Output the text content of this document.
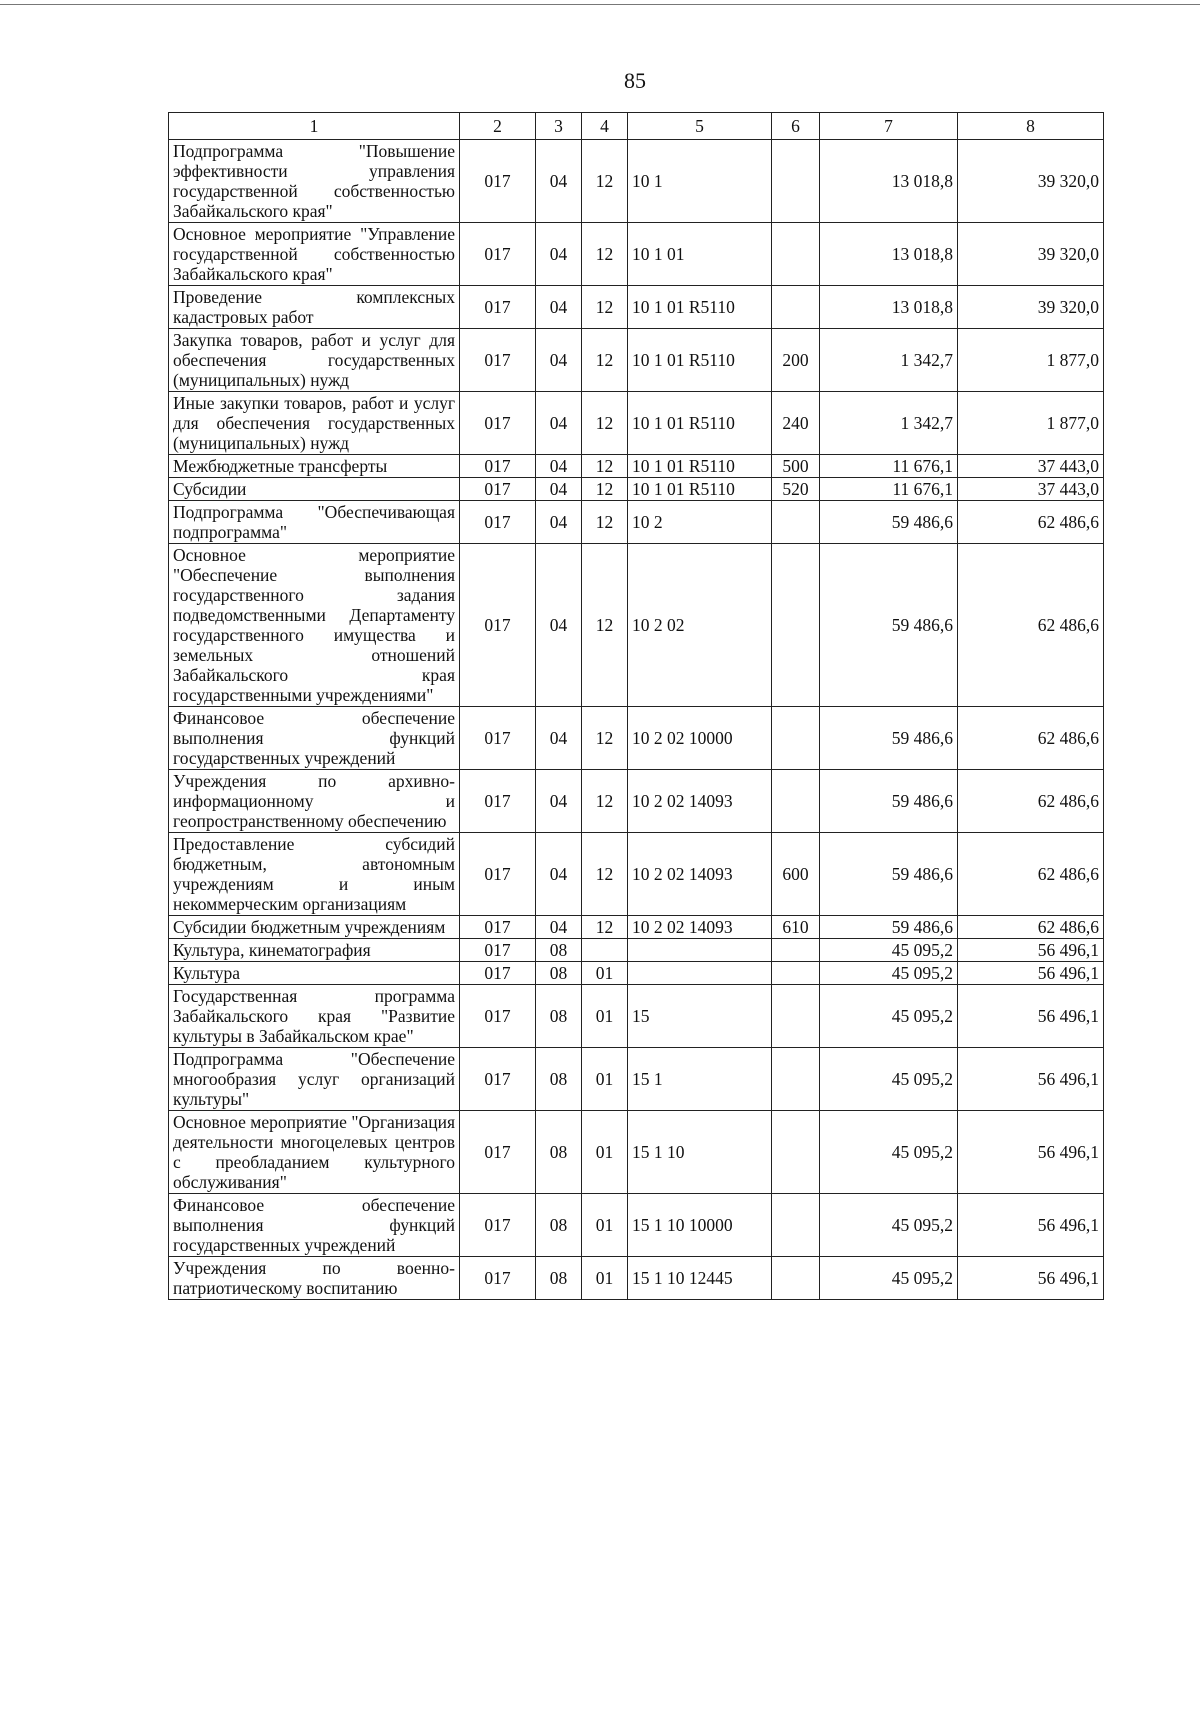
85
1	2	3	4	5	6	7	8
Подпрограмма "Повышение эффективности управления государственной собственностью Забайкальского края"	017	04	12	10 1		13 018,8	39 320,0
Основное мероприятие "Управление государственной собственностью Забайкальского края"	017	04	12	10 1 01		13 018,8	39 320,0
Проведение комплексных кадастровых работ	017	04	12	10 1 01 R5110		13 018,8	39 320,0
Закупка товаров, работ и услуг для обеспечения государственных (муниципальных) нужд	017	04	12	10 1 01 R5110	200	1 342,7	1 877,0
Иные закупки товаров, работ и услуг для обеспечения государственных (муниципальных) нужд	017	04	12	10 1 01 R5110	240	1 342,7	1 877,0
Межбюджетные трансферты	017	04	12	10 1 01 R5110	500	11 676,1	37 443,0
Субсидии	017	04	12	10 1 01 R5110	520	11 676,1	37 443,0
Подпрограмма "Обеспечивающая подпрограмма"	017	04	12	10 2		59 486,6	62 486,6
Основное мероприятие "Обеспечение выполнения государственного задания подведомственными Департаменту государственного имущества и земельных отношений Забайкальского края государственными учреждениями"	017	04	12	10 2 02		59 486,6	62 486,6
Финансовое обеспечение выполнения функций государственных учреждений	017	04	12	10 2 02 10000		59 486,6	62 486,6
Учреждения по архивно-информационному и геопространственному обеспечению	017	04	12	10 2 02 14093		59 486,6	62 486,6
Предоставление субсидий бюджетным, автономным учреждениям и иным некоммерческим организациям	017	04	12	10 2 02 14093	600	59 486,6	62 486,6
Субсидии бюджетным учреждениям	017	04	12	10 2 02 14093	610	59 486,6	62 486,6
Культура, кинематография	017	08				45 095,2	56 496,1
Культура	017	08	01			45 095,2	56 496,1
Государственная программа Забайкальского края "Развитие культуры в Забайкальском крае"	017	08	01	15		45 095,2	56 496,1
Подпрограмма "Обеспечение многообразия услуг организаций культуры"	017	08	01	15 1		45 095,2	56 496,1
Основное мероприятие "Организация деятельности многоцелевых центров с преобладанием культурного обслуживания"	017	08	01	15 1 10		45 095,2	56 496,1
Финансовое обеспечение выполнения функций государственных учреждений	017	08	01	15 1 10 10000		45 095,2	56 496,1
Учреждения по военно-патриотическому воспитанию	017	08	01	15 1 10 12445		45 095,2	56 496,1
